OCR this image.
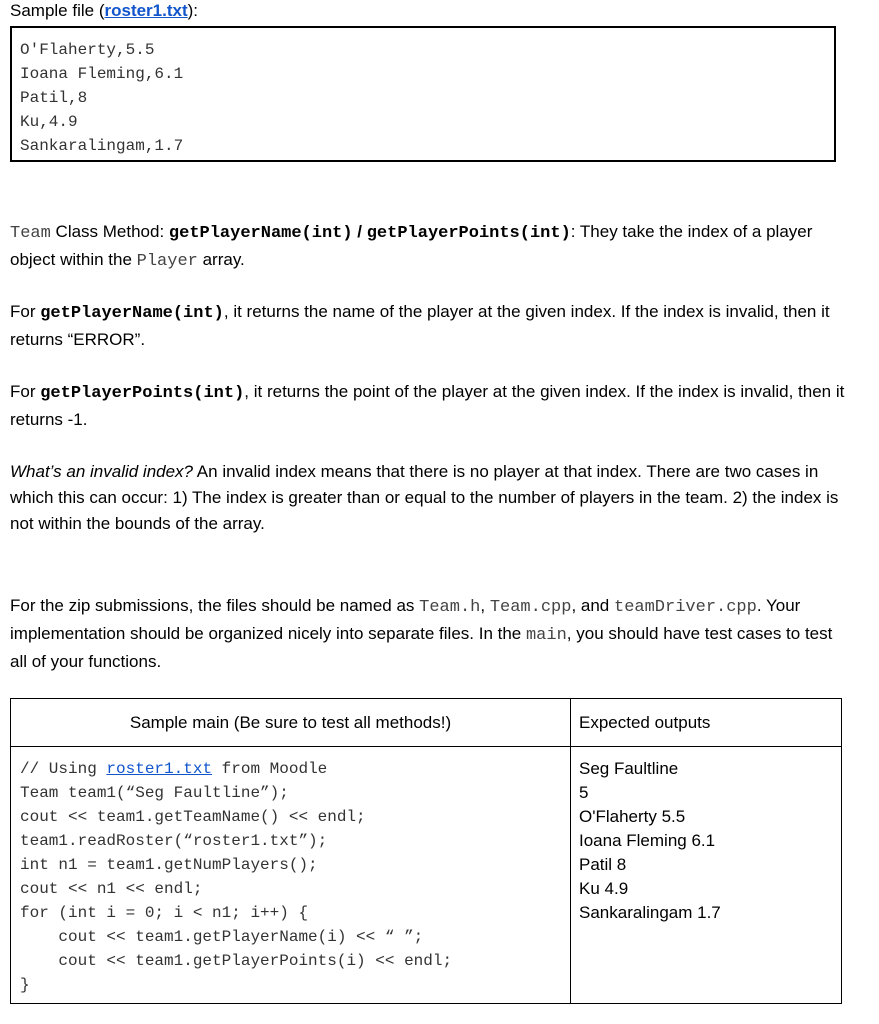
Sample file (roster1.txt):
O'Flaherty,5.5
Ioana Fleming,6.1
Patil,8
Ku,4.9
Sankaralingam,1.7

Team Class Method: getPlayerName(int) / getPlayerPoints(int): They take the index of a player object within the Player array.

For getPlayerName(int), it returns the name of the player at the given index. If the index is invalid, then it returns “ERROR”.

For getPlayerPoints(int), it returns the point of the player at the given index. If the index is invalid, then it returns -1.

What’s an invalid index? An invalid index means that there is no player at that index. There are two cases in which this can occur: 1) The index is greater than or equal to the number of players in the team. 2) the index is not within the bounds of the array.

For the zip submissions, the files should be named as Team.h, Team.cpp, and teamDriver.cpp. Your implementation should be organized nicely into separate files. In the main, you should have test cases to test all of your functions.

Sample main (Be sure to test all methods!)	Expected outputs
// Using roster1.txt from Moodle
Team team1(“Seg Faultline”);
cout << team1.getTeamName() << endl;
team1.readRoster(“roster1.txt”);
int n1 = team1.getNumPlayers();
cout << n1 << endl;
for (int i = 0; i < n1; i++) {
cout << team1.getPlayerName(i) << “ ”;
cout << team1.getPlayerPoints(i) << endl;
}
Seg Faultline
5
O'Flaherty 5.5
Ioana Fleming 6.1
Patil 8
Ku 4.9
Sankaralingam 1.7
